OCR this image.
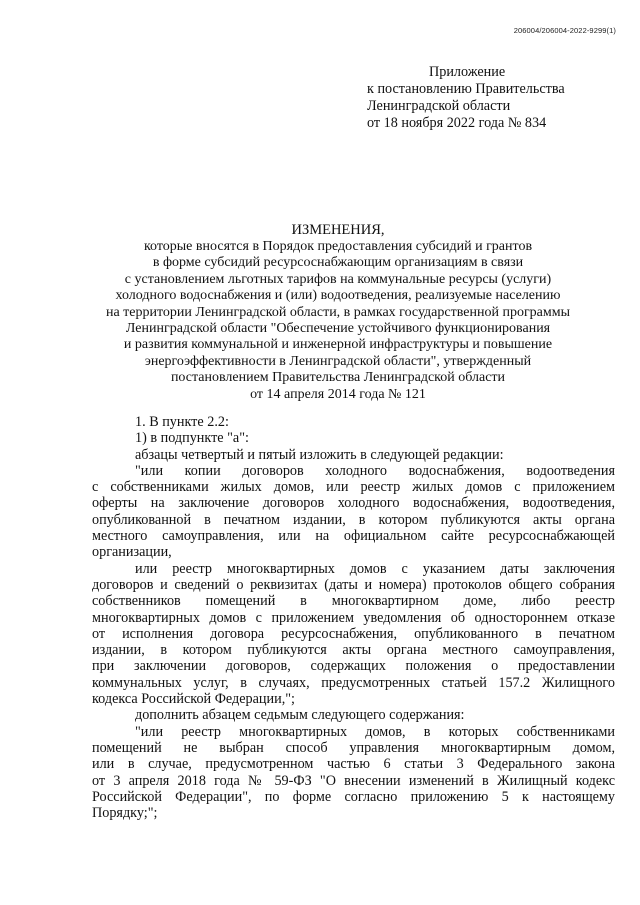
206004/206004-2022-9299(1)
Приложение
к постановлению Правительства
Ленинградской области
от 18 ноября 2022 года № 834
ИЗМЕНЕНИЯ,
которые вносятся в Порядок предоставления субсидий и грантов
в форме субсидий ресурсоснабжающим организациям в связи
с установлением льготных тарифов на коммунальные ресурсы (услуги)
холодного водоснабжения и (или) водоотведения, реализуемые населению
на территории Ленинградской области, в рамках государственной программы
Ленинградской области "Обеспечение устойчивого функционирования
и развития коммунальной и инженерной инфраструктуры и повышение
энергоэффективности в Ленинградской области", утвержденный
постановлением Правительства Ленинградской области
от 14 апреля 2014 года № 121
1. В пункте 2.2:
1) в подпункте "а":
абзацы четвертый и пятый изложить в следующей редакции:
"или копии договоров холодного водоснабжения, водоотведения
с собственниками жилых домов, или реестр жилых домов с приложением
оферты на заключение договоров холодного водоснабжения, водоотведения,
опубликованной в печатном издании, в котором публикуются акты органа
местного самоуправления, или на официальном сайте ресурсоснабжающей
организации,
или реестр многоквартирных домов с указанием даты заключения
договоров и сведений о реквизитах (даты и номера) протоколов общего собрания
собственников помещений в многоквартирном доме, либо реестр
многоквартирных домов с приложением уведомления об одностороннем отказе
от исполнения договора ресурсоснабжения, опубликованного в печатном
издании, в котором публикуются акты органа местного самоуправления,
при заключении договоров, содержащих положения о предоставлении
коммунальных услуг, в случаях, предусмотренных статьей 157.2 Жилищного
кодекса Российской Федерации,";
дополнить абзацем седьмым следующего содержания:
"или реестр многоквартирных домов, в которых собственниками
помещений не выбран способ управления многоквартирным домом,
или в случае, предусмотренном частью 6 статьи 3 Федерального закона
от 3 апреля 2018 года № 59-ФЗ "О внесении изменений в Жилищный кодекс
Российской Федерации", по форме согласно приложению 5 к настоящему
Порядку;";
